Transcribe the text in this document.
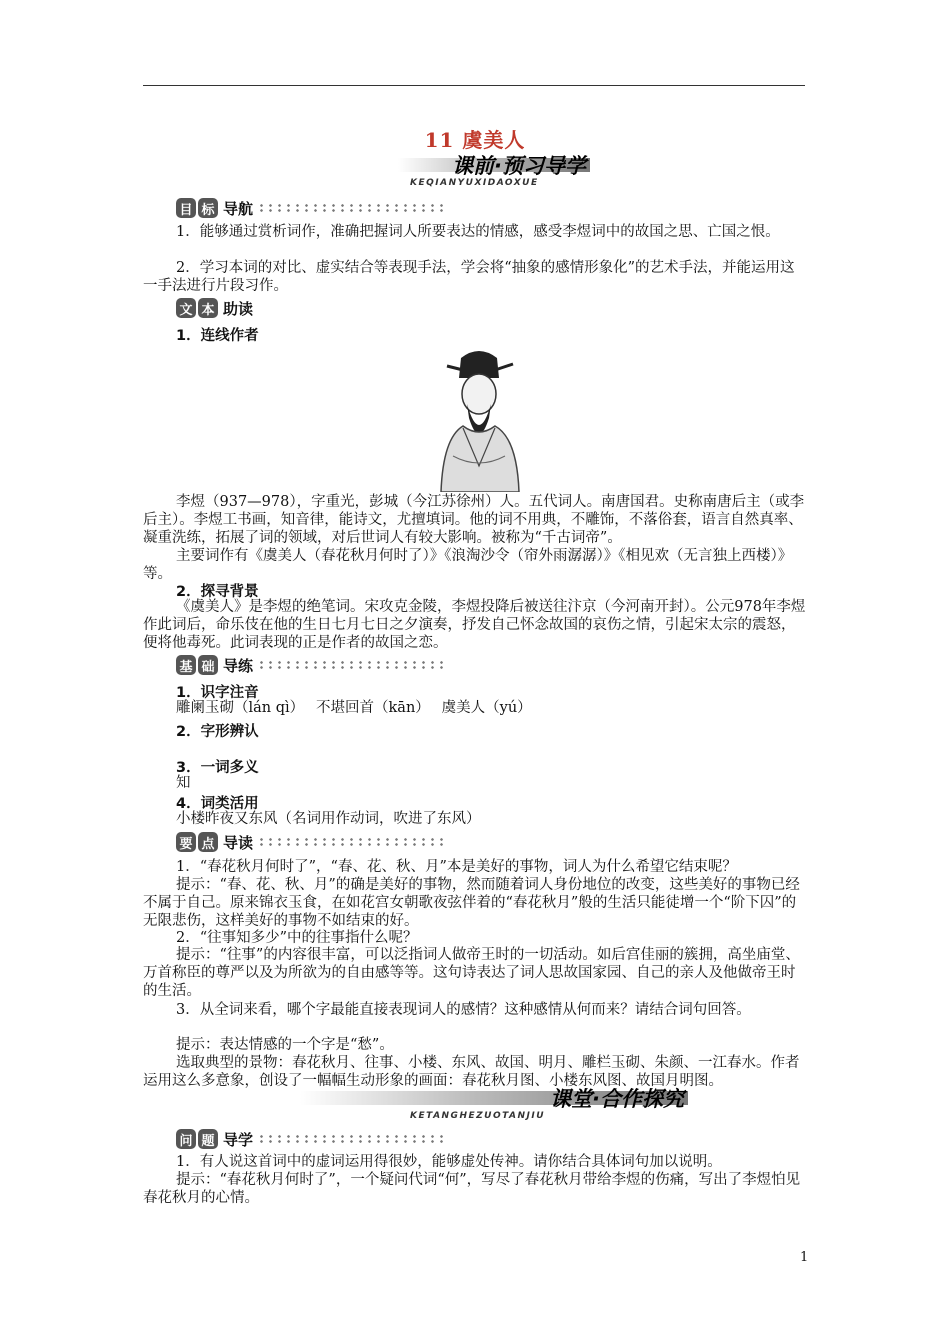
11 虞美人
课前·预习导学
KEQIANYUXIDAOXUE
目 标 导航
1．能够通过赏析词作，准确把握词人所要表达的情感，感受李煜词中的故国之思、亡国之恨。
2．学习本词的对比、虚实结合等表现手法，学会将“抽象的感情形象化”的艺术手法，并能运用这一手法进行片段习作。
文 本 助读
1．连线作者
李煜（937—978），字重光，彭城（今江苏徐州）人。五代词人。南唐国君。史称南唐后主（或李后主）。李煜工书画，知音律，能诗文，尤擅填词。他的词不用典，不雕饰，不落俗套，语言自然真率、凝重洗练，拓展了词的领域，对后世词人有较大影响。被称为“千古词帝”。
主要词作有《虞美人（春花秋月何时了）》《浪淘沙令（帘外雨潺潺）》《相见欢（无言独上西楼）》等。
2．探寻背景
《虞美人》是李煜的绝笔词。宋攻克金陵，李煜投降后被送往汴京（今河南开封）。公元978年李煜作此词后，命乐伎在他的生日七月七日之夕演奏，抒发自己怀念故国的哀伤之情，引起宋太宗的震怒，便将他毒死。此词表现的正是作者的故国之恋。
基 础 导练
1．识字注音
雕阑玉砌（lán qì）　 不堪回首（kān）　 虞美人（yú）
2．字形辨认
3．一词多义
知
4．词类活用
小楼昨夜又东风（名词用作动词，吹进了东风）
要 点 导读
1．“春花秋月何时了”，“春、花、秋、月”本是美好的事物，词人为什么希望它结束呢？
提示：“春、花、秋、月”的确是美好的事物，然而随着词人身份地位的改变，这些美好的事物已经不属于自己。原来锦衣玉食，在如花宫女朝歌夜弦伴着的“春花秋月”般的生活只能徒增一个“阶下囚”的无限悲伤，这样美好的事物不如结束的好。
2．“往事知多少”中的往事指什么呢？
提示：“往事”的内容很丰富，可以泛指词人做帝王时的一切活动。如后宫佳丽的簇拥，高坐庙堂、万首称臣的尊严以及为所欲为的自由感等等。这句诗表达了词人思故国家园、自己的亲人及他做帝王时的生活。
3．从全词来看，哪个字最能直接表现词人的感情？这种感情从何而来？请结合词句回答。
提示：表达情感的一个字是“愁”。
选取典型的景物：春花秋月、往事、小楼、东风、故国、明月、雕栏玉砌、朱颜、一江春水。作者运用这么多意象，创设了一幅幅生动形象的画面：春花秋月图、小楼东风图、故国月明图。
课堂·合作探究
KETANGHEZUOTANJIU
问 题 导学
1．有人说这首词中的虚词运用得很妙，能够虚处传神。请你结合具体词句加以说明。
提示：“春花秋月何时了”，一个疑问代词“何”，写尽了春花秋月带给李煜的伤痛，写出了李煜怕见春花秋月的心情。
1
